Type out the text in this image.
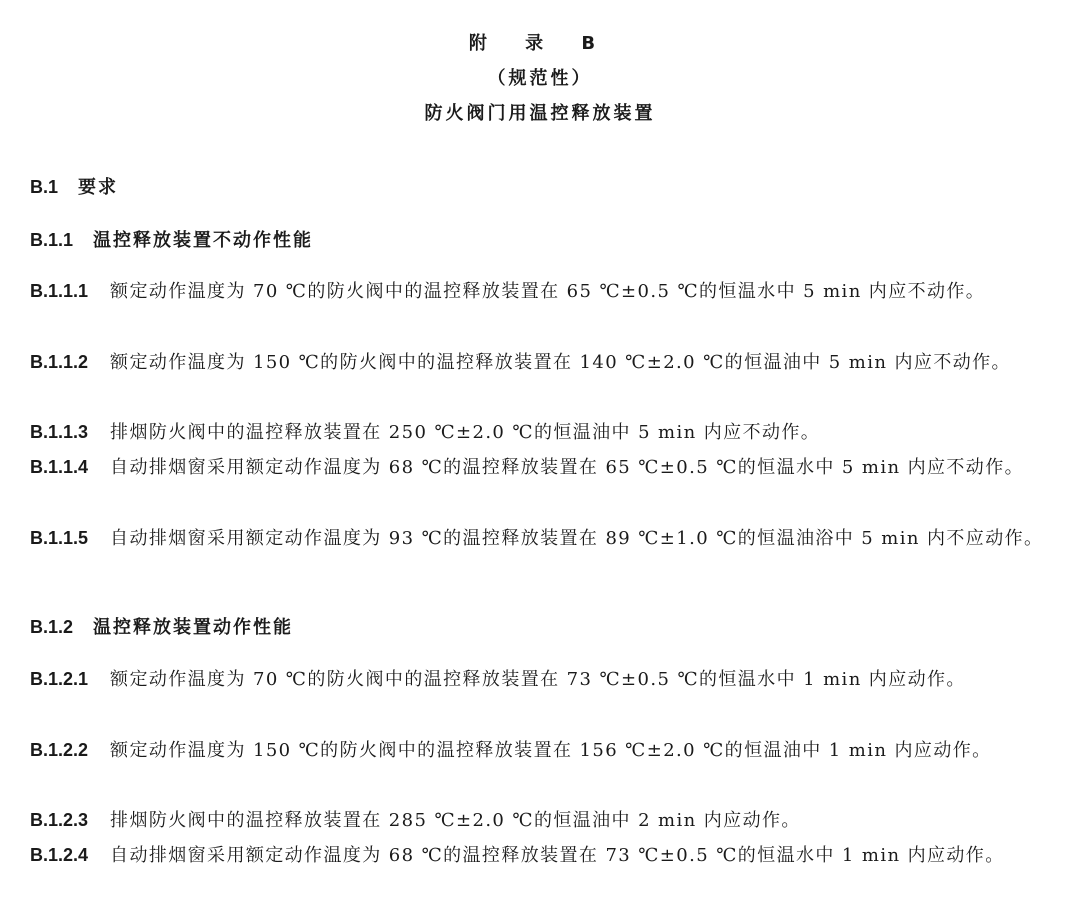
附 录 B
（规范性）
防火阀门用温控释放装置
B.1 要求
B.1.1 温控释放装置不动作性能
B.1.1.1 额定动作温度为 70 ℃的防火阀中的温控释放装置在 65 ℃±0.5 ℃的恒温水中 5 min 内应不动作。
B.1.1.2 额定动作温度为 150 ℃的防火阀中的温控释放装置在 140 ℃±2.0 ℃的恒温油中 5 min 内应不动作。
B.1.1.3 排烟防火阀中的温控释放装置在 250 ℃±2.0 ℃的恒温油中 5 min 内应不动作。
B.1.1.4 自动排烟窗采用额定动作温度为 68 ℃的温控释放装置在 65 ℃±0.5 ℃的恒温水中 5 min 内应不动作。
B.1.1.5 自动排烟窗采用额定动作温度为 93 ℃的温控释放装置在 89 ℃±1.0 ℃的恒温油浴中 5 min 内不应动作。
B.1.2 温控释放装置动作性能
B.1.2.1 额定动作温度为 70 ℃的防火阀中的温控释放装置在 73 ℃±0.5 ℃的恒温水中 1 min 内应动作。
B.1.2.2 额定动作温度为 150 ℃的防火阀中的温控释放装置在 156 ℃±2.0 ℃的恒温油中 1 min 内应动作。
B.1.2.3 排烟防火阀中的温控释放装置在 285 ℃±2.0 ℃的恒温油中 2 min 内应动作。
B.1.2.4 自动排烟窗采用额定动作温度为 68 ℃的温控释放装置在 73 ℃±0.5 ℃的恒温水中 1 min 内应动作。
